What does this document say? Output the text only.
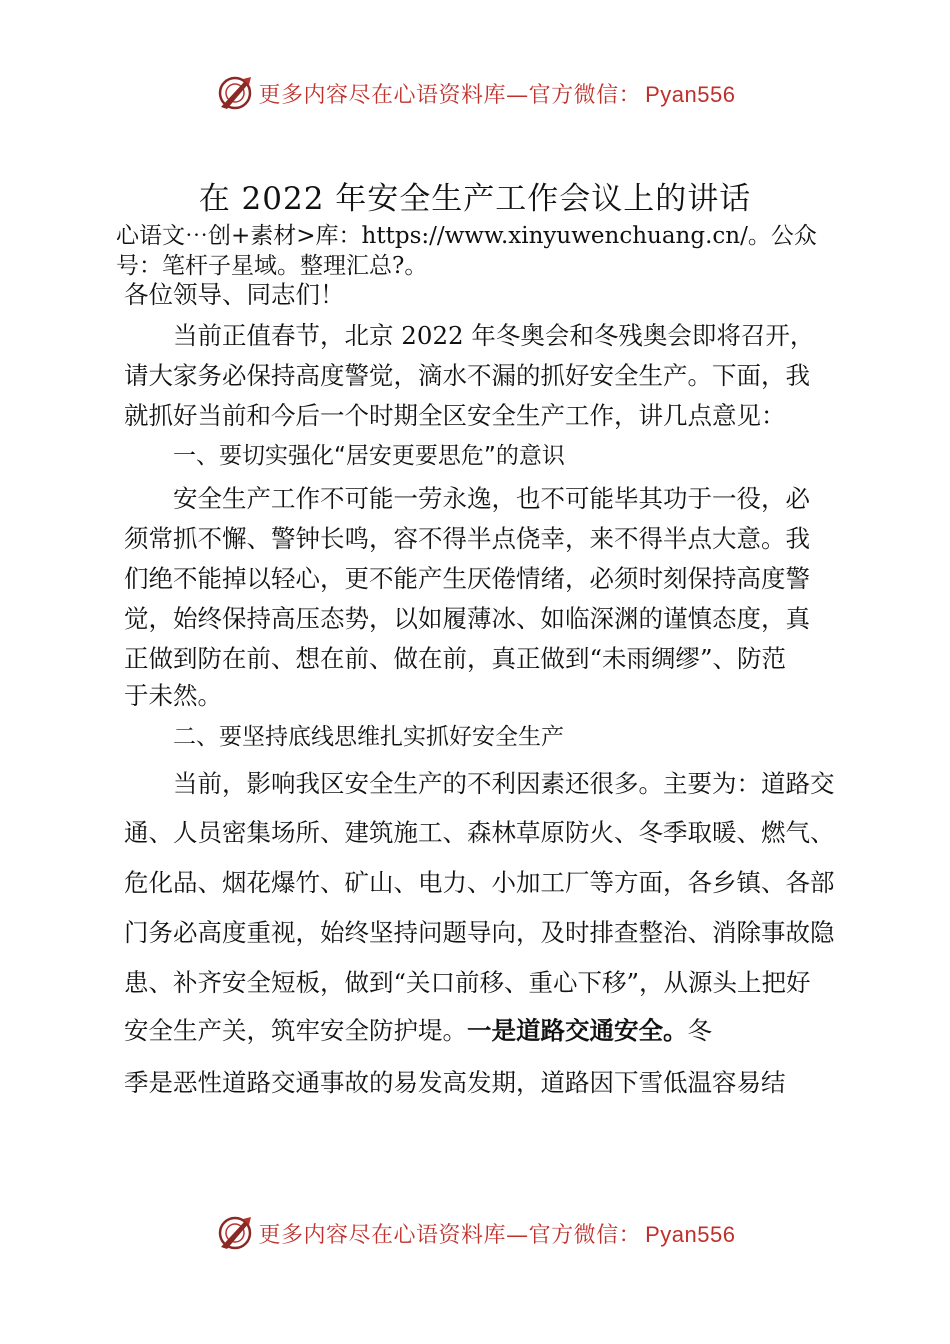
更多内容尽在心语资料库—官方微信： Pyan556
在 2022 年安全生产工作会议上的讲话
心语文⋯创+素材>库：https://www.xinyuwenchuang.cn/。公众
号：笔杆子星域。整理汇总?。
各位领导、同志们！
当前正值春节，北京 2022 年冬奥会和冬残奥会即将召开，
请大家务必保持高度警觉，滴水不漏的抓好安全生产。下面，我
就抓好当前和今后一个时期全区安全生产工作，讲几点意见：
一、要切实强化“居安更要思危”的意识
安全生产工作不可能一劳永逸，也不可能毕其功于一役，必
须常抓不懈、警钟长鸣，容不得半点侥幸，来不得半点大意。我
们绝不能掉以轻心，更不能产生厌倦情绪，必须时刻保持高度警
觉，始终保持高压态势，以如履薄冰、如临深渊的谨慎态度，真
正做到防在前、想在前、做在前，真正做到“未雨绸缪”、防范
于未然。
二、要坚持底线思维扎实抓好安全生产
当前，影响我区安全生产的不利因素还很多。主要为：道路交
通、人员密集场所、建筑施工、森林草原防火、冬季取暖、燃气、
危化品、烟花爆竹、矿山、电力、小加工厂等方面，各乡镇、各部
门务必高度重视，始终坚持问题导向，及时排查整治、消除事故隐
患、补齐安全短板，做到“关口前移、重心下移”，从源头上把好
安全生产关，筑牢安全防护堤。一是道路交通安全。冬
季是恶性道路交通事故的易发高发期，道路因下雪低温容易结
更多内容尽在心语资料库—官方微信： Pyan556
